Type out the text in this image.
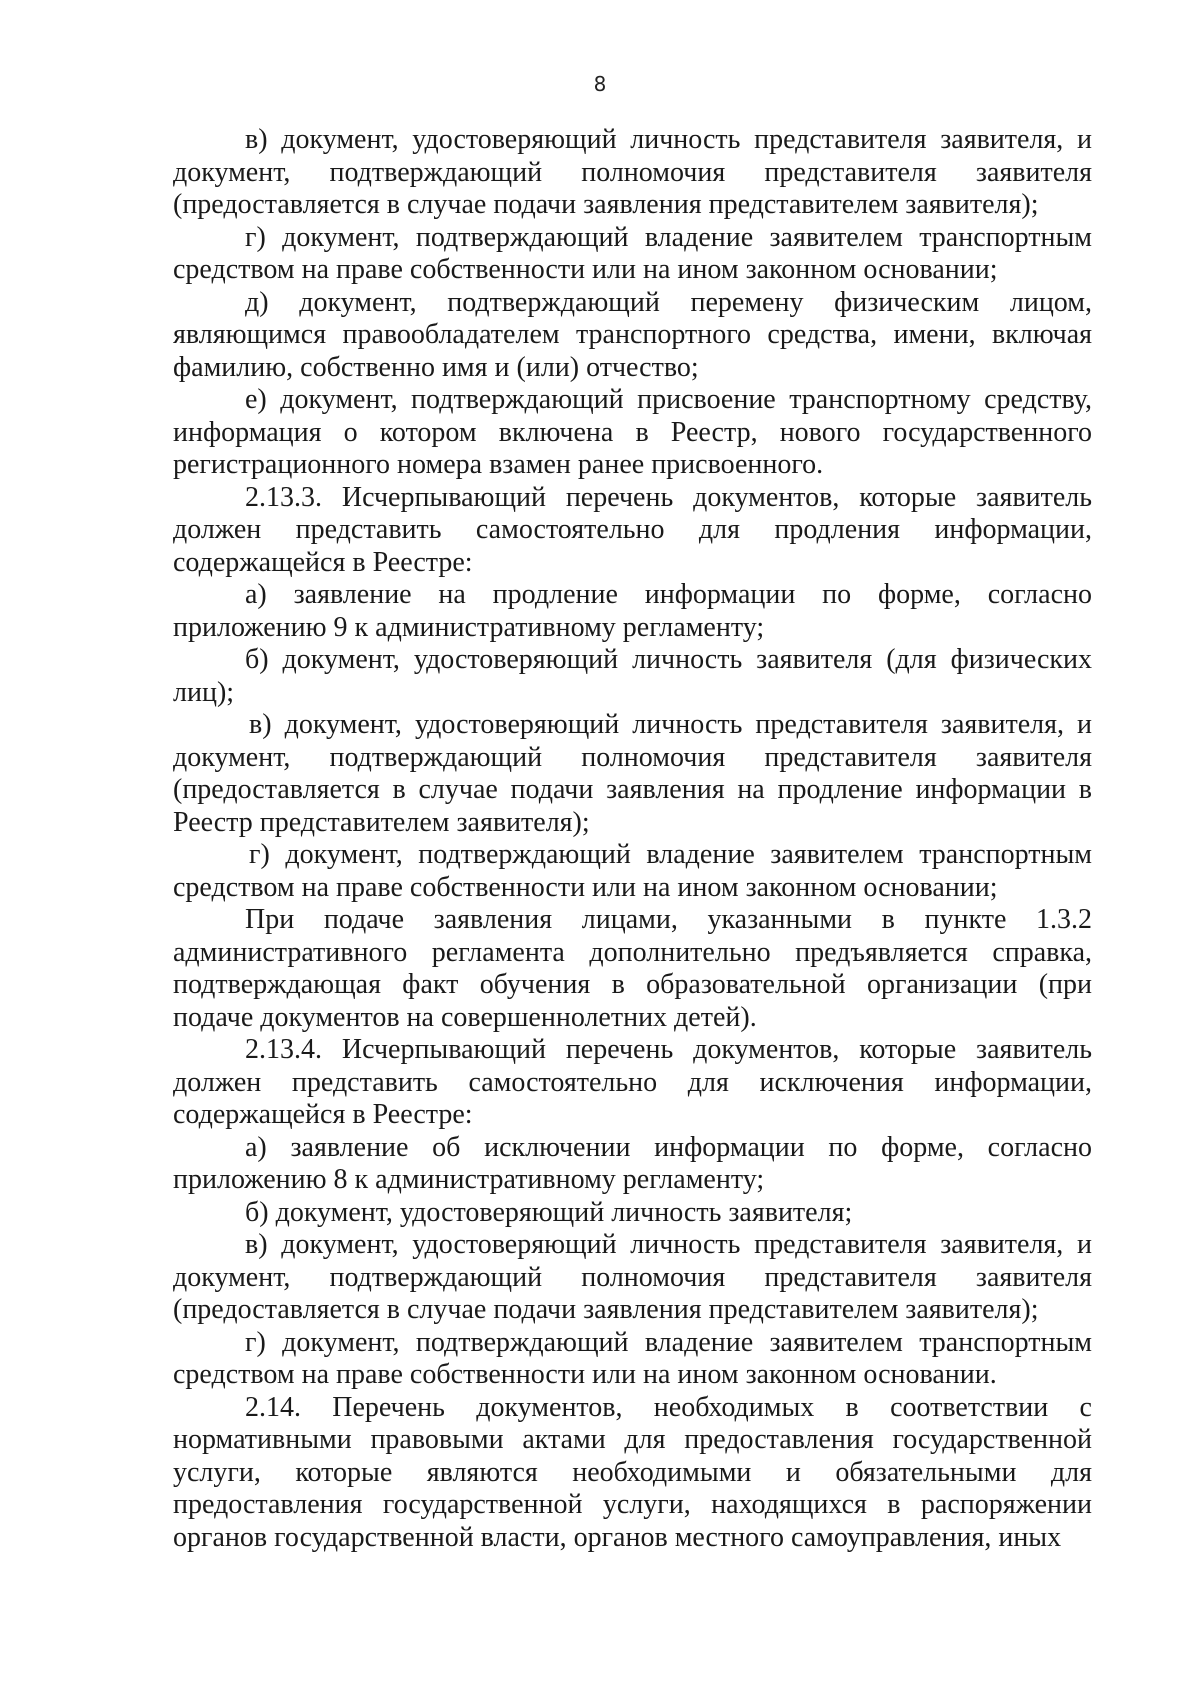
8

в) документ, удостоверяющий личность представителя заявителя, и документ, подтверждающий полномочия представителя заявителя (предоставляется в случае подачи заявления представителем заявителя);

г) документ, подтверждающий владение заявителем транспортным средством на праве собственности или на ином законном основании;

д) документ, подтверждающий перемену физическим лицом, являющимся правообладателем транспортного средства, имени, включая фамилию, собственно имя и (или) отчество;

е) документ, подтверждающий присвоение транспортному средству, информация о котором включена в Реестр, нового государственного регистрационного номера взамен ранее присвоенного.

2.13.3. Исчерпывающий перечень документов, которые заявитель должен представить самостоятельно для продления информации, содержащейся в Реестре:

а) заявление на продление информации по форме, согласно приложению 9 к административному регламенту;

б) документ, удостоверяющий личность заявителя (для физических лиц);

в) документ, удостоверяющий личность представителя заявителя, и документ, подтверждающий полномочия представителя заявителя (предоставляется в случае подачи заявления на продление информации в Реестр представителем заявителя);

г) документ, подтверждающий владение заявителем транспортным средством на праве собственности или на ином законном основании;

При подаче заявления лицами, указанными в пункте 1.3.2 административного регламента дополнительно предъявляется справка, подтверждающая факт обучения в образовательной организации (при подаче документов на совершеннолетних детей).

2.13.4. Исчерпывающий перечень документов, которые заявитель должен представить самостоятельно для исключения информации, содержащейся в Реестре:

а) заявление об исключении информации по форме, согласно приложению 8 к административному регламенту;

б) документ, удостоверяющий личность заявителя;

в) документ, удостоверяющий личность представителя заявителя, и документ, подтверждающий полномочия представителя заявителя (предоставляется в случае подачи заявления представителем заявителя);

г) документ, подтверждающий владение заявителем транспортным средством на праве собственности или на ином законном основании.

2.14. Перечень документов, необходимых в соответствии с нормативными правовыми актами для предоставления государственной услуги, которые являются необходимыми и обязательными для предоставления государственной услуги, находящихся в распоряжении органов государственной власти, органов местного самоуправления, иных
